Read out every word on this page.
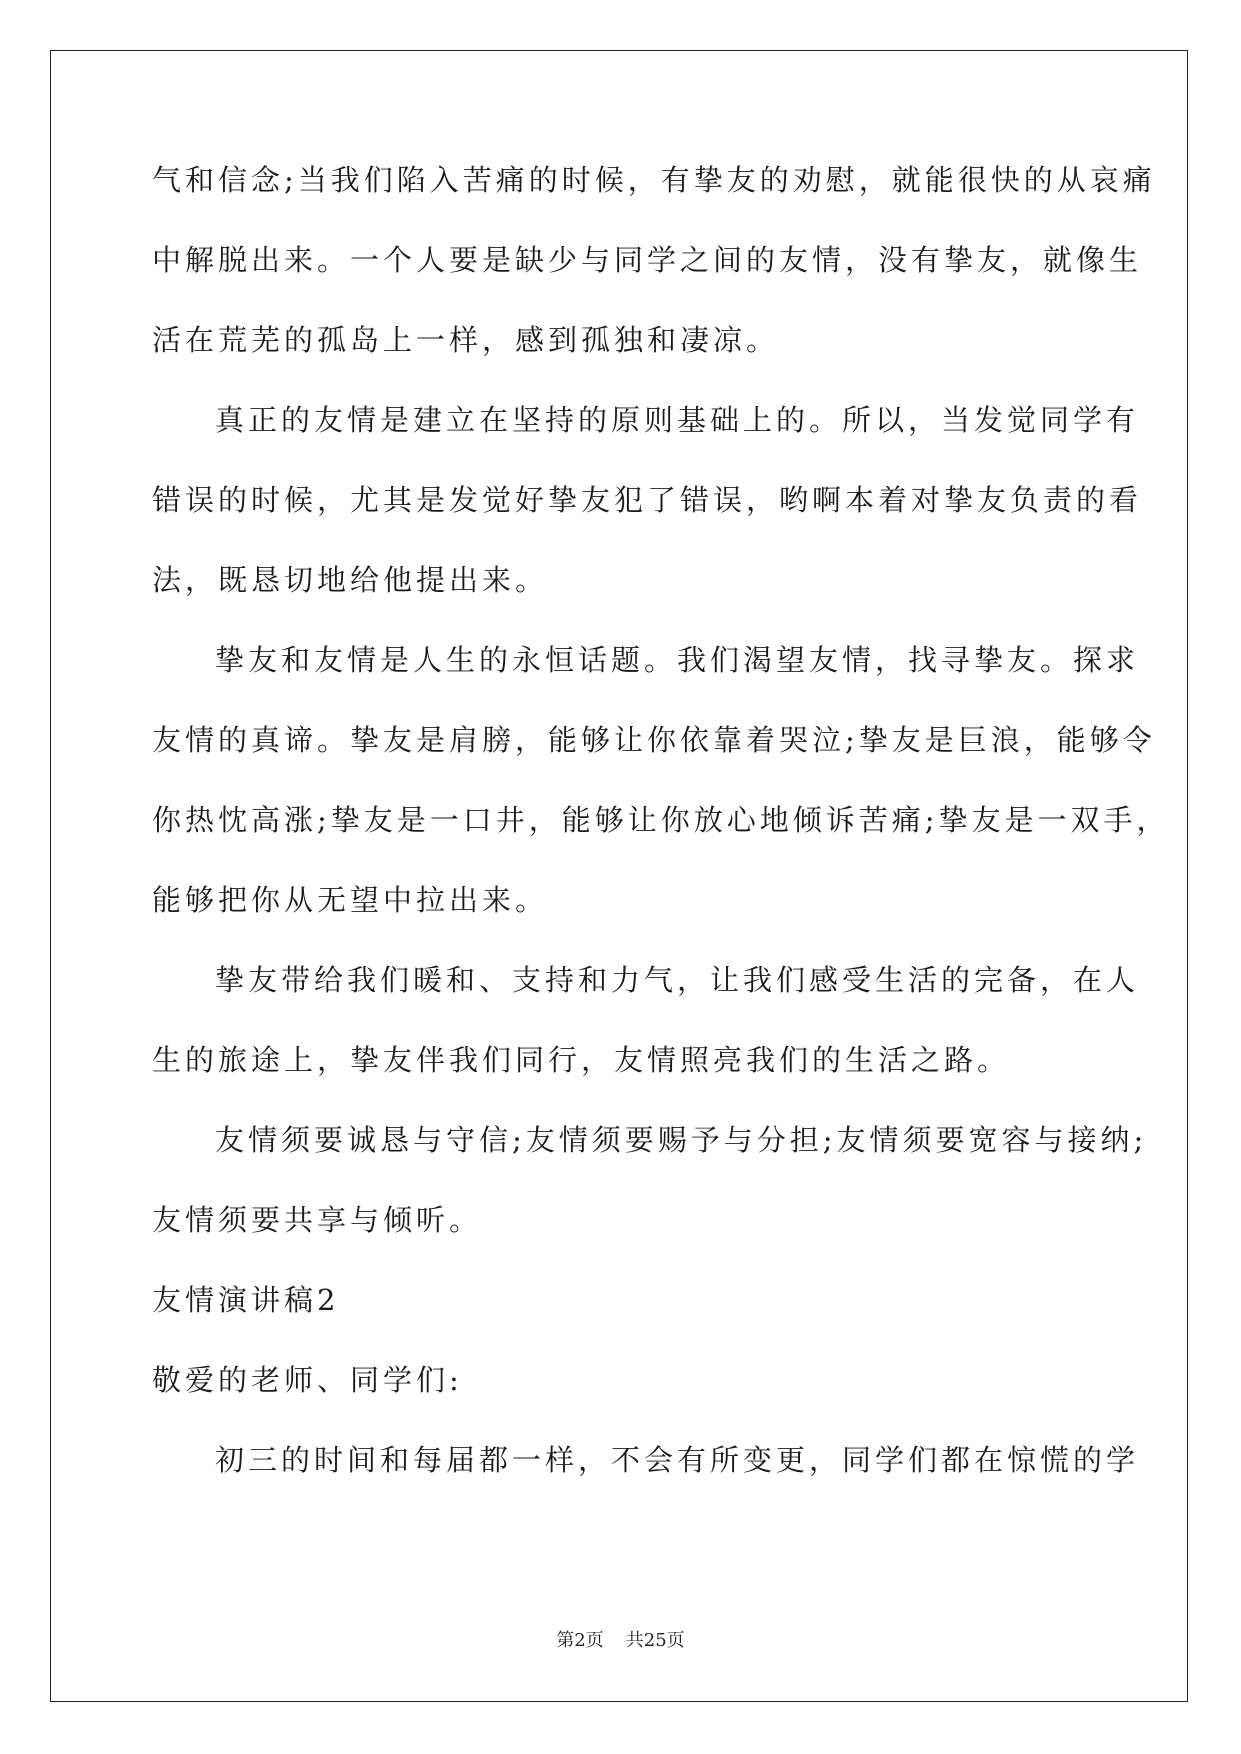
气和信念;当我们陷入苦痛的时候，有挚友的劝慰，就能很快的从哀痛
中解脱出来。一个人要是缺少与同学之间的友情，没有挚友，就像生
活在荒芜的孤岛上一样，感到孤独和凄凉。
真正的友情是建立在坚持的原则基础上的。所以，当发觉同学有
错误的时候，尤其是发觉好挚友犯了错误，哟啊本着对挚友负责的看
法，既恳切地给他提出来。
挚友和友情是人生的永恒话题。我们渴望友情，找寻挚友。探求
友情的真谛。挚友是肩膀，能够让你依靠着哭泣;挚友是巨浪，能够令
你热忱高涨;挚友是一口井，能够让你放心地倾诉苦痛;挚友是一双手，
能够把你从无望中拉出来。
挚友带给我们暖和、支持和力气，让我们感受生活的完备，在人
生的旅途上，挚友伴我们同行，友情照亮我们的生活之路。
友情须要诚恳与守信;友情须要赐予与分担;友情须要宽容与接纳;
友情须要共享与倾听。
友情演讲稿2
敬爱的老师、同学们:
初三的时间和每届都一样，不会有所变更，同学们都在惊慌的学
第2页 共25页
